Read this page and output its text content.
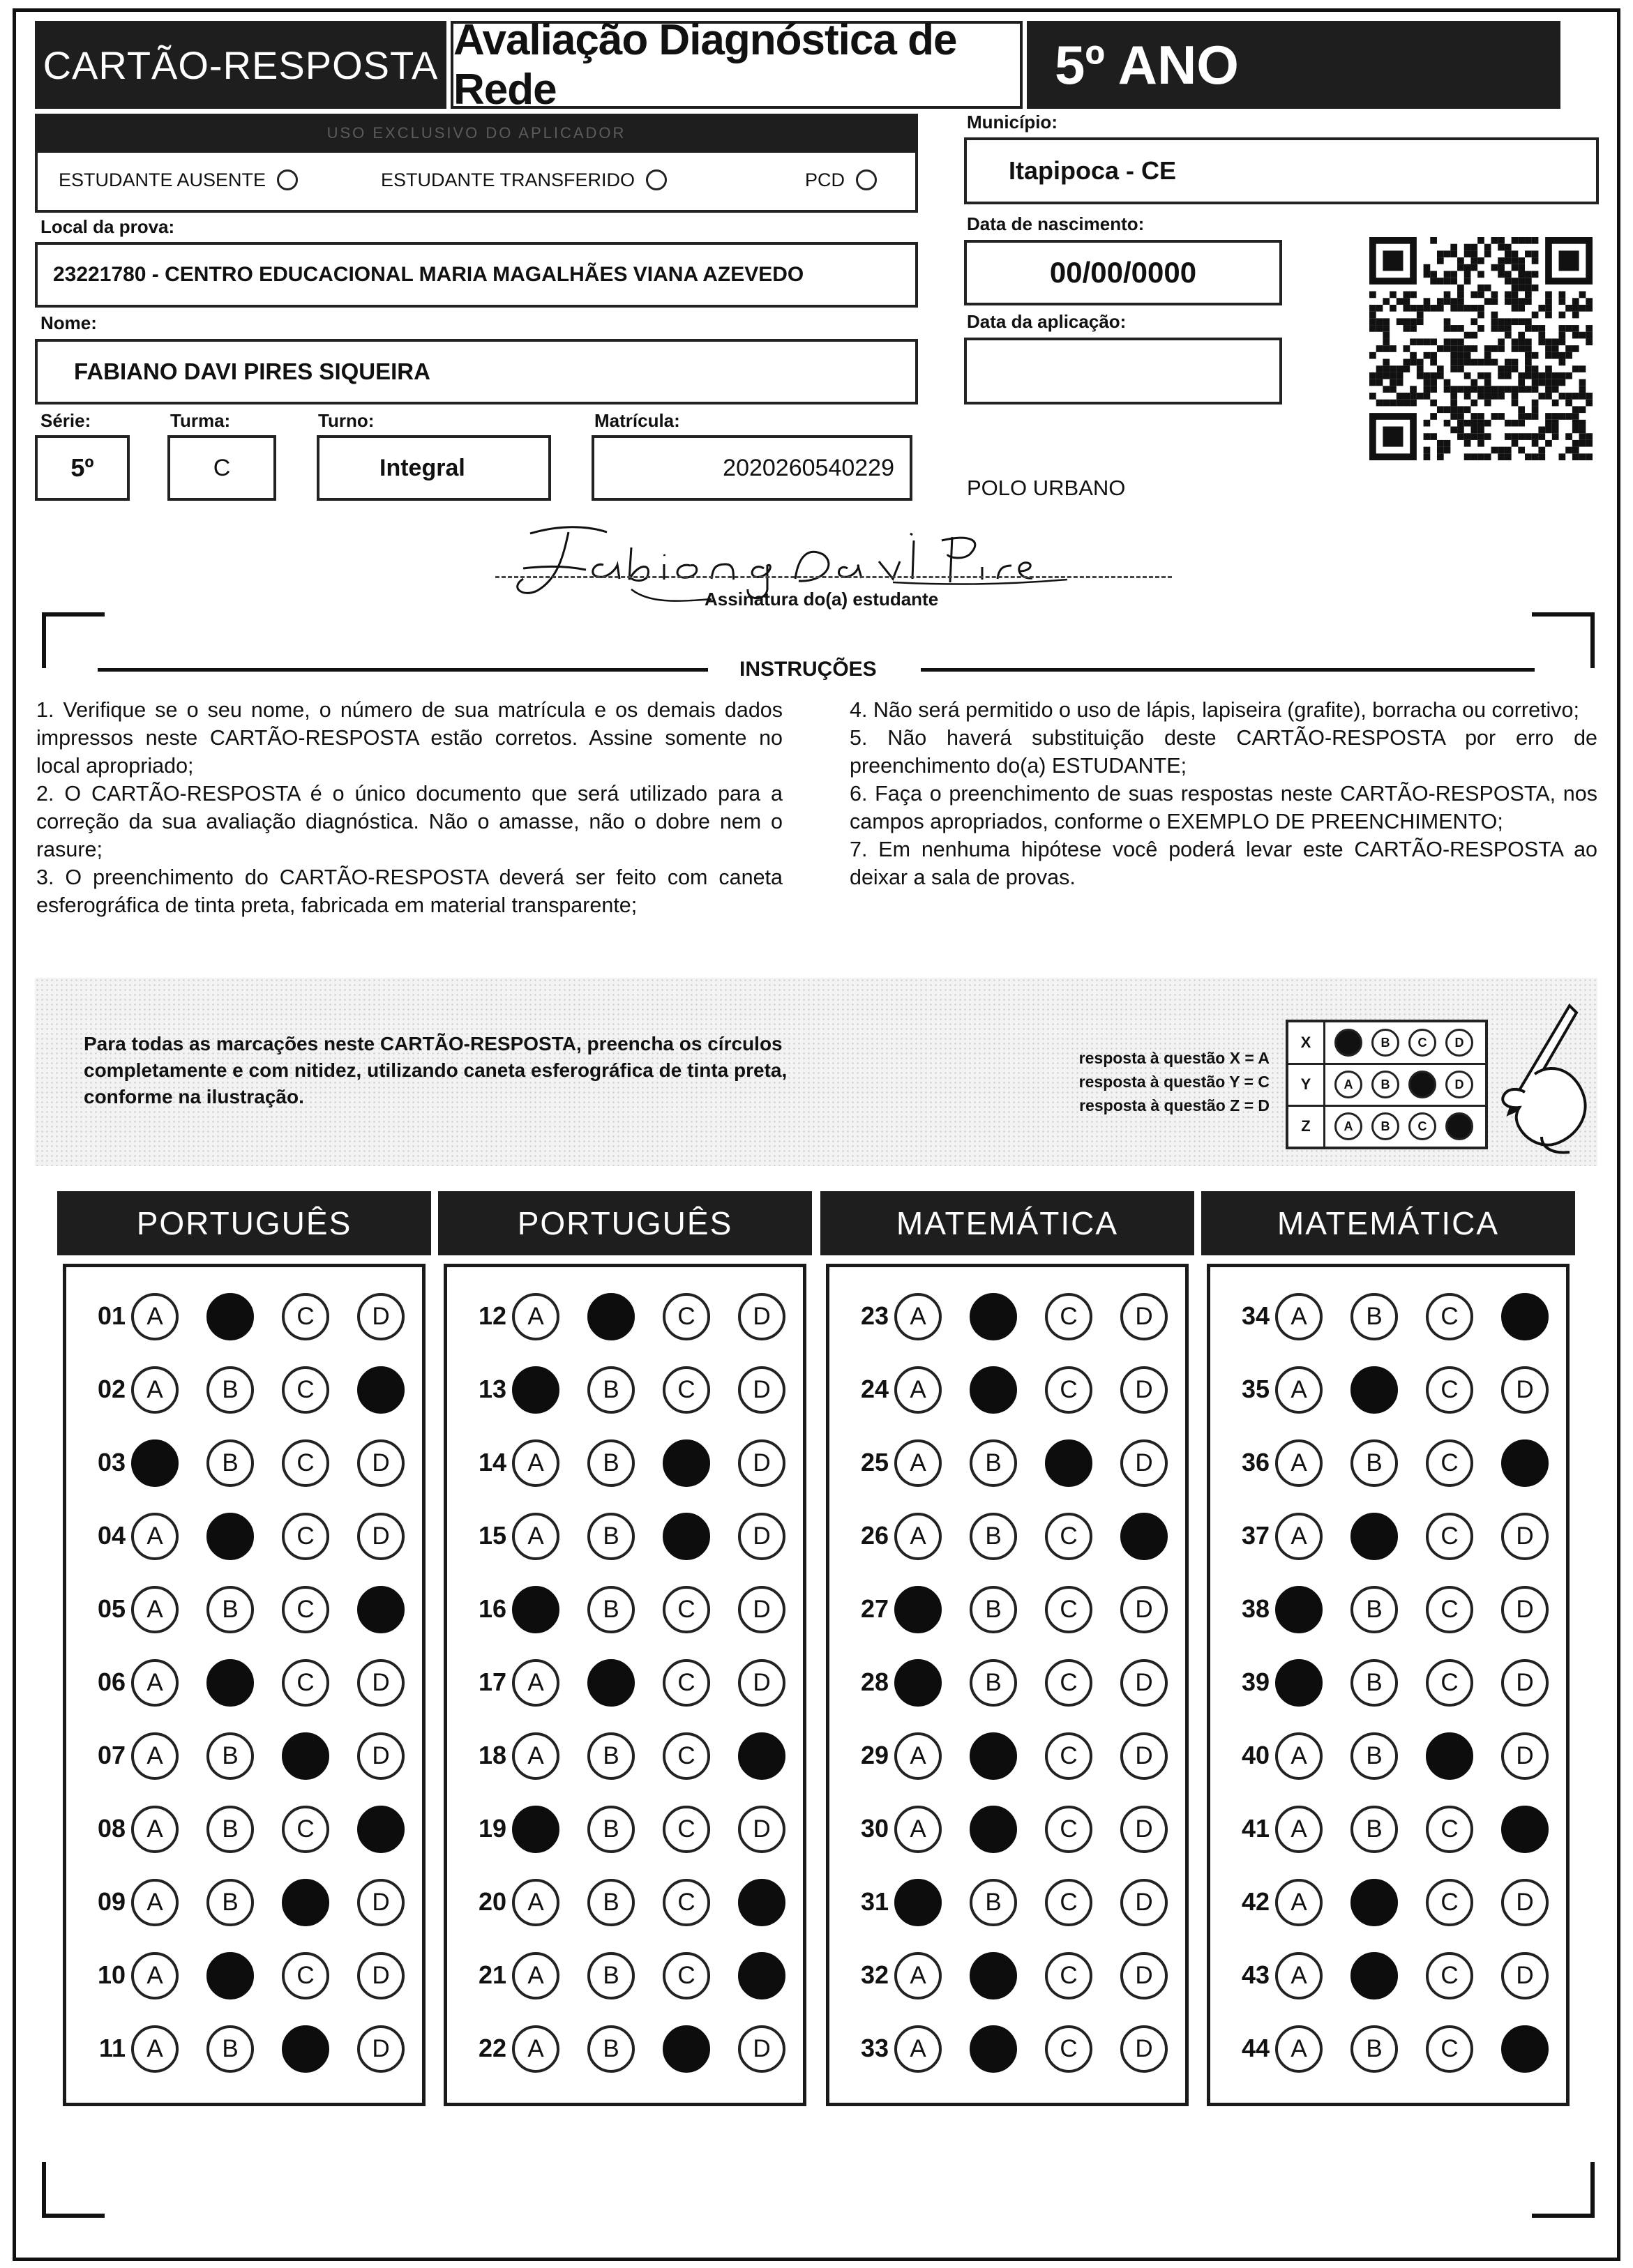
CARTÃO-RESPOSTA
Avaliação Diagnóstica de Rede	5º ANO
USO EXCLUSIVO DO APLICADOR
ESTUDANTE AUSENTE	ESTUDANTE TRANSFERIDO	PCD
Local da prova:
23221780 - CENTRO EDUCACIONAL MARIA MAGALHÃES VIANA AZEVEDO
Nome:
FABIANO DAVI PIRES SIQUEIRA
Série:
5º
Turma:
C
Turno:
Integral
Matrícula:
2020260540229
Município:
Itapipoca - CE
Data de nascimento:
00/00/0000
Data da aplicação:
POLO URBANO
Assinatura do(a) estudante
INSTRUÇÕES

1. Verifique se o seu nome, o número de sua matrícula e os demais dados impressos neste CARTÃO-RESPOSTA estão corretos. Assine somente no local apropriado;

2. O CARTÃO-RESPOSTA é o único documento que será utilizado para a correção da sua avaliação diagnóstica. Não o amasse, não o dobre nem o rasure;

3. O preenchimento do CARTÃO-RESPOSTA deverá ser feito com caneta esferográfica de tinta preta, fabricada em material transparente;

4. Não será permitido o uso de lápis, lapiseira (grafite), borracha ou corretivo;

5. Não haverá substituição deste CARTÃO-RESPOSTA por erro de preenchimento do(a) ESTUDANTE;

6. Faça o preenchimento de suas respostas neste CARTÃO-RESPOSTA, nos campos apropriados, conforme o EXEMPLO DE PREENCHIMENTO;

7. Em nenhuma hipótese você poderá levar este CARTÃO-RESPOSTA ao deixar a sala de provas.

Para todas as marcações neste CARTÃO-RESPOSTA, preencha os círculos completamente e com nitidez, utilizando caneta esferográfica de tinta preta, conforme na ilustração.
resposta à questão X = A
resposta à questão Y = C
resposta à questão Z = D
X	A	B	C	D
Y	A	B	C	D
Z	A	B	C	D
PORTUGUÊS
01 A	B	C	D
02 A	B	C	D
03 A	B	C	D
04 A	B	C	D
05 A	B	C	D
06 A	B	C	D
07 A	B	C	D
08 A	B	C	D
09 A	B	C	D
10 A	B	C	D
11 A	B	C	D
PORTUGUÊS
12 A	B	C	D
13 A	B	C	D
14 A	B	C	D
15 A	B	C	D
16 A	B	C	D
17 A	B	C	D
18 A	B	C	D
19 A	B	C	D
20 A	B	C	D
21 A	B	C	D
22 A	B	C	D
MATEMÁTICA
23 A	B	C	D
24 A	B	C	D
25 A	B	C	D
26 A	B	C	D
27 A	B	C	D
28 A	B	C	D
29 A	B	C	D
30 A	B	C	D
31 A	B	C	D
32 A	B	C	D
33 A	B	C	D
MATEMÁTICA
34 A	B	C	D
35 A	B	C	D
36 A	B	C	D
37 A	B	C	D
38 A	B	C	D
39 A	B	C	D
40 A	B	C	D
41 A	B	C	D
42 A	B	C	D
43 A	B	C	D
44 A	B	C	D
